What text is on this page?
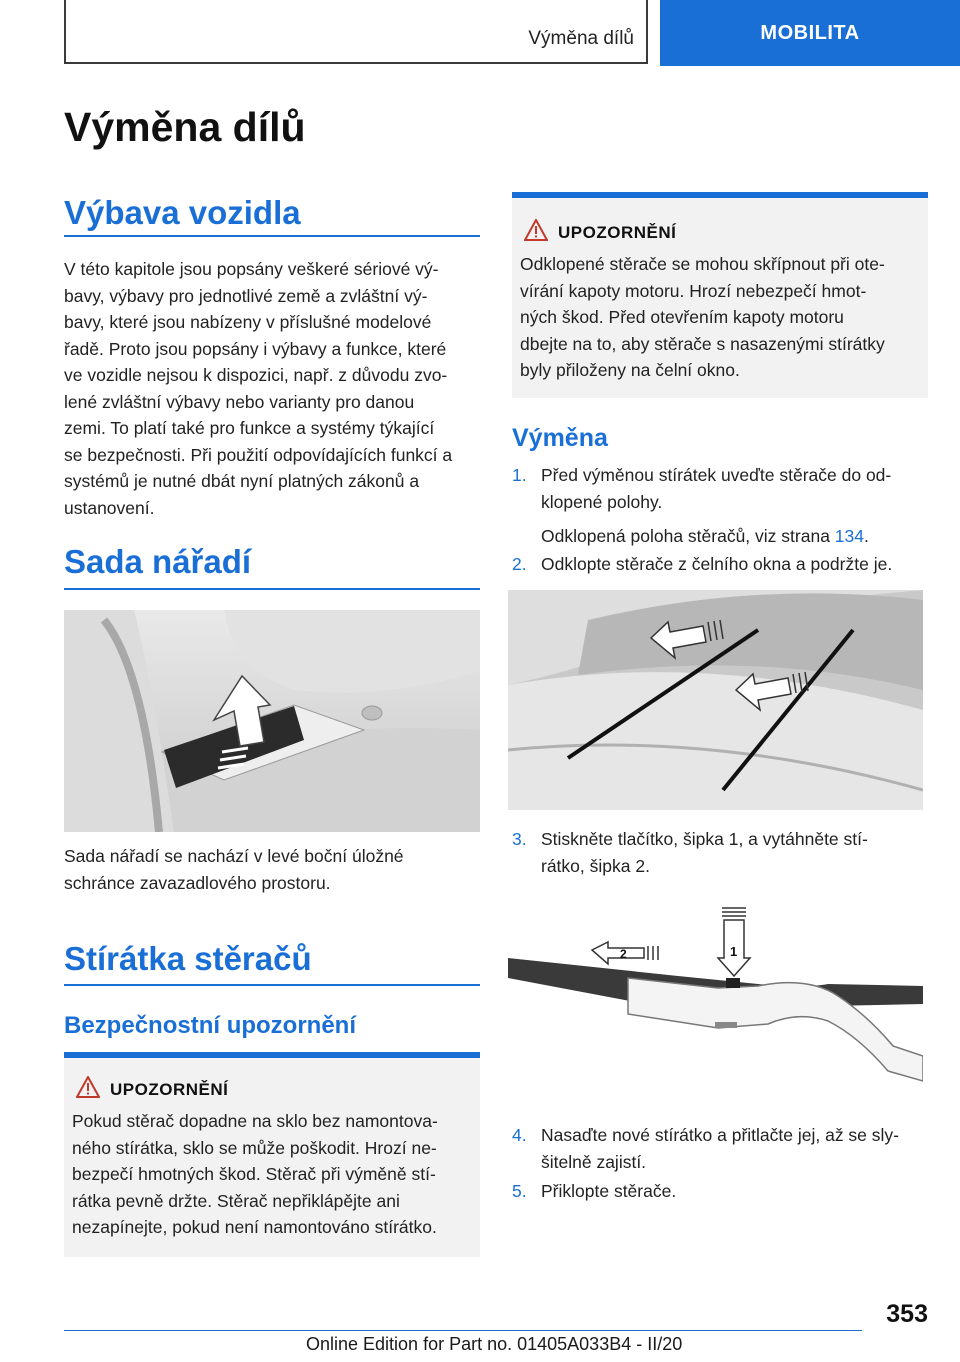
Výměna dílů	MOBILITA
Výměna dílů
Výbava vozidla
V této kapitole jsou popsány veškeré sériové vý‐
bavy, výbavy pro jednotlivé země a zvláštní vý‐
bavy, které jsou nabízeny v příslušné modelové
řadě. Proto jsou popsány i výbavy a funkce, které
ve vozidle nejsou k dispozici, např. z důvodu zvo‐
lené zvláštní výbavy nebo varianty pro danou
zemi. To platí také pro funkce a systémy týkající
se bezpečnosti. Při použití odpovídajících funkcí a
systémů je nutné dbát nyní platných zákonů a
ustanovení.
Sada nářadí
Sada nářadí se nachází v levé boční úložné
schránce zavazadlového prostoru.
Stírátka stěračů
Bezpečnostní upozornění
UPOZORNĚNÍ
Pokud stěrač dopadne na sklo bez namontova‐
ného stírátka, sklo se může poškodit. Hrozí ne‐
bezpečí hmotných škod. Stěrač při výměně stí‐
rátka pevně držte. Stěrač nepřiklápějte ani
nezapínejte, pokud není namontováno stírátko.
UPOZORNĚNÍ
Odklopené stěrače se mohou skřípnout při ote‐
vírání kapoty motoru. Hrozí nebezpečí hmot‐
ných škod. Před otevřením kapoty motoru
dbejte na to, aby stěrače s nasazenými stírátky
byly přiloženy na čelní okno.
Výměna
1. Před výměnou stírátek uveďte stěrače do od‐
klopené polohy.
Odklopená poloha stěračů, viz strana 134.
2. Odklopte stěrače z čelního okna a podržte je.
3. Stiskněte tlačítko, šipka 1, a vytáhněte stí‐
rátko, šipka 2.
2	1
4. Nasaďte nové stírátko a přitlačte jej, až se sly‐
šitelně zajistí.
5. Přiklopte stěrače.
353
Online Edition for Part no. 01405A033B4 - II/20
